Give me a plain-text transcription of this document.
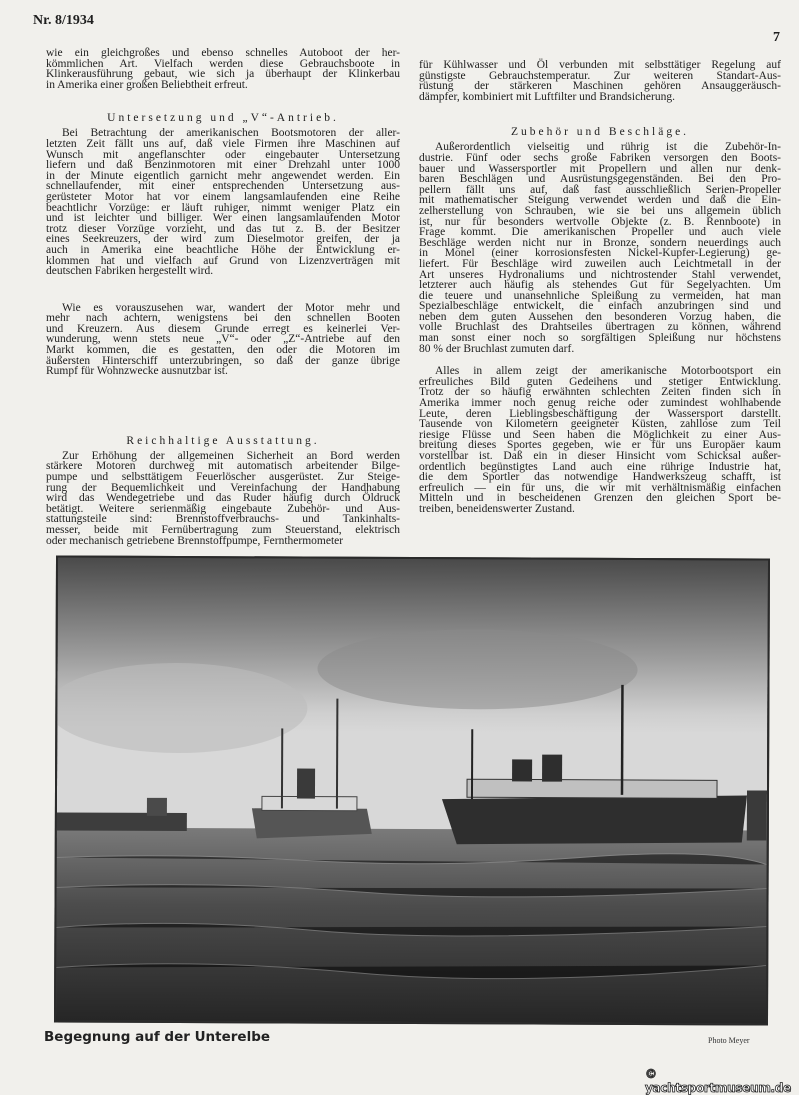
Nr. 8/1934
7
wie ein gleichgroßes und ebenso schnelles Autoboot der her-
kömmlichen Art. Vielfach werden diese Gebrauchsboote in
Klinkerausführung gebaut, wie sich ja überhaupt der Klinkerbau
in Amerika einer großen Beliebtheit erfreut.
Untersetzung und „V“-Antrieb.
Bei Betrachtung der amerikanischen Bootsmotoren der aller-
letzten Zeit fällt uns auf, daß viele Firmen ihre Maschinen auf
Wunsch mit angeflanschter oder eingebauter Untersetzung
liefern und daß Benzinmotoren mit einer Drehzahl unter 1000
in der Minute eigentlich garnicht mehr angewendet werden. Ein
schnellaufender, mit einer entsprechenden Untersetzung aus-
gerüsteter Motor hat vor einem langsamlaufenden eine Reihe
beachtlichr Vorzüge: er läuft ruhiger, nimmt weniger Platz ein
und ist leichter und billiger. Wer einen langsamlaufenden Motor
trotz dieser Vorzüge vorzieht, und das tut z. B. der Besitzer
eines Seekreuzers, der wird zum Dieselmotor greifen, der ja
auch in Amerika eine beachtliche Höhe der Entwicklung er-
klommen hat und vielfach auf Grund von Lizenzverträgen mit
deutschen Fabriken hergestellt wird.
Wie es vorauszusehen war, wandert der Motor mehr und
mehr nach achtern, wenigstens bei den schnellen Booten
und Kreuzern. Aus diesem Grunde erregt es keinerlei Ver-
wunderung, wenn stets neue „V“- oder „Z“-Antriebe auf den
Markt kommen, die es gestatten, den oder die Motoren im
äußersten Hinterschiff unterzubringen, so daß der ganze übrige
Rumpf für Wohnzwecke ausnutzbar ist.
Reichhaltige Ausstattung.
Zur Erhöhung der allgemeinen Sicherheit an Bord werden
stärkere Motoren durchweg mit automatisch arbeitender Bilge-
pumpe und selbsttätigem Feuerlöscher ausgerüstet. Zur Steige-
rung der Bequemlichkeit und Vereinfachung der Handhabung
wird das Wendegetriebe und das Ruder häufig durch Öldruck
betätigt. Weitere serienmäßig eingebaute Zubehör- und Aus-
stattungsteile sind: Brennstoffverbrauchs- und Tankinhalts-
messer, beide mit Fernübertragung zum Steuerstand, elektrisch
oder mechanisch getriebene Brennstoffpumpe, Fernthermometer
für Kühlwasser und Öl verbunden mit selbsttätiger Regelung auf
günstigste Gebrauchstemperatur. Zur weiteren Standart-Aus-
rüstung der stärkeren Maschinen gehören Ansauggeräusch-
dämpfer, kombiniert mit Luftfilter und Brandsicherung.
Zubehör und Beschläge.
Außerordentlich vielseitig und rührig ist die Zubehör-In-
dustrie. Fünf oder sechs große Fabriken versorgen den Boots-
bauer und Wassersportler mit Propellern und allen nur denk-
baren Beschlägen und Ausrüstungsgegenständen. Bei den Pro-
pellern fällt uns auf, daß fast ausschließlich Serien-Propeller
mit mathematischer Steigung verwendet werden und daß die Ein-
zelherstellung von Schrauben, wie sie bei uns allgemein üblich
ist, nur für besonders wertvolle Objekte (z. B. Rennboote) in
Frage kommt. Die amerikanischen Propeller und auch viele
Beschläge werden nicht nur in Bronze, sondern neuerdings auch
in Monel (einer korrosionsfesten Nickel-Kupfer-Legierung) ge-
liefert. Für Beschläge wird zuweilen auch Leichtmetall in der
Art unseres Hydronaliums und nichtrostender Stahl verwendet,
letzterer auch häufig als stehendes Gut für Segelyachten. Um
die teuere und unansehnliche Spleißung zu vermeiden, hat man
Spezialbeschläge entwickelt, die einfach anzubringen sind und
neben dem guten Aussehen den besonderen Vorzug haben, die
volle Bruchlast des Drahtseiles übertragen zu können, während
man sonst einer noch so sorgfältigen Spleißung nur höchstens
80 % der Bruchlast zumuten darf.
Alles in allem zeigt der amerikanische Motorbootsport ein
erfreuliches Bild guten Gedeihens und stetiger Entwicklung.
Trotz der so häufig erwähnten schlechten Zeiten finden sich in
Amerika immer noch genug reiche oder zumindest wohlhabende
Leute, deren Lieblingsbeschäftigung der Wassersport darstellt.
Tausende von Kilometern geeigneter Küsten, zahllose zum Teil
riesige Flüsse und Seen haben die Möglichkeit zu einer Aus-
breitung dieses Sportes gegeben, wie er für uns Europäer kaum
vorstellbar ist. Daß ein in dieser Hinsicht vom Schicksal außer-
ordentlich begünstigtes Land auch eine rührige Industrie hat,
die dem Sportler das notwendige Handwerkszeug schafft, ist
erfreulich — ein für uns, die wir mit verhältnismäßig einfachen
Mitteln und in bescheidenen Grenzen den gleichen Sport be-
treiben, beneidenswerter Zustand.
Begegnung auf der Unterelbe	Photo Meyer
© yachtsportmuseum.de
